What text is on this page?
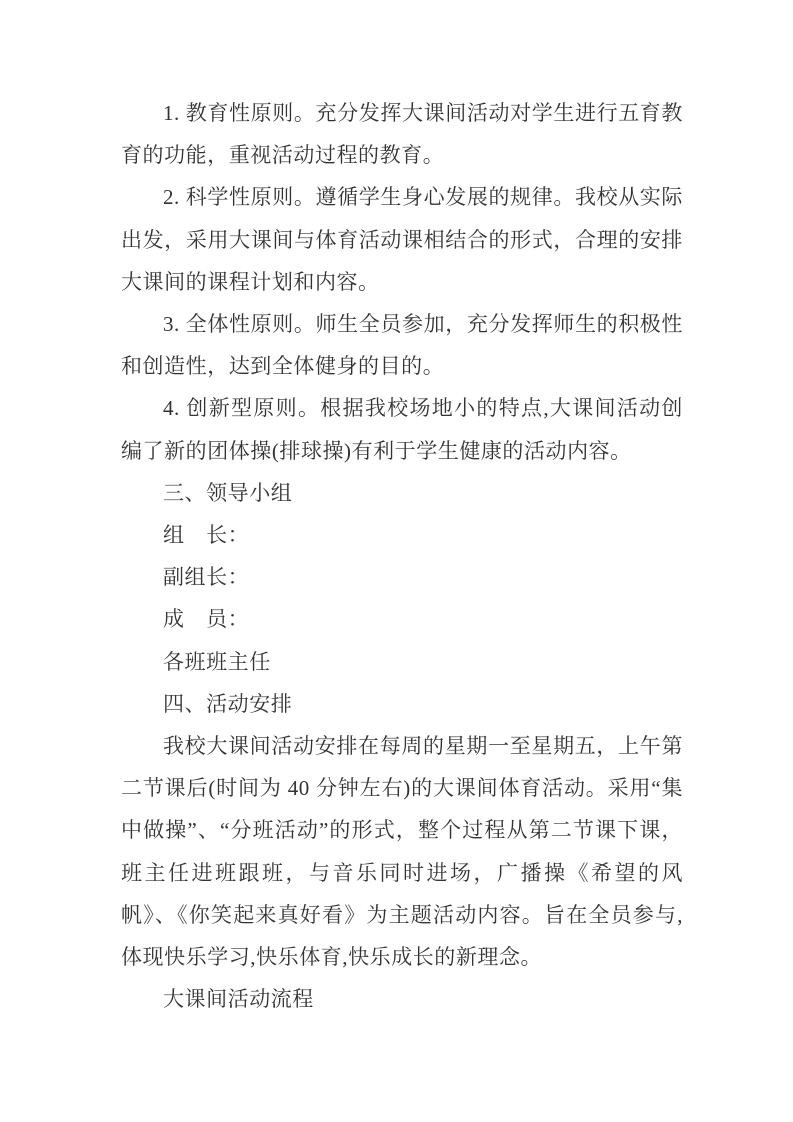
1. 教育性原则。充分发挥大课间活动对学生进行五育教育的功能，重视活动过程的教育。

2. 科学性原则。遵循学生身心发展的规律。我校从实际出发，采用大课间与体育活动课相结合的形式，合理的安排大课间的课程计划和内容。

3. 全体性原则。师生全员参加，充分发挥师生的积极性和创造性，达到全体健身的目的。

4. 创新型原则。根据我校场地小的特点,大课间活动创编了新的团体操(排球操)有利于学生健康的活动内容。

三、领导小组

组　长：

副组长：

成　员：

各班班主任

四、活动安排

我校大课间活动安排在每周的星期一至星期五，上午第二节课后(时间为 40 分钟左右)的大课间体育活动。采用“集中做操”、“分班活动”的形式，整个过程从第二节课下课，班主任进班跟班，与音乐同时进场，广播操《希望的风帆》、《你笑起来真好看》为主题活动内容。旨在全员参与,体现快乐学习,快乐体育,快乐成长的新理念。

大课间活动流程
